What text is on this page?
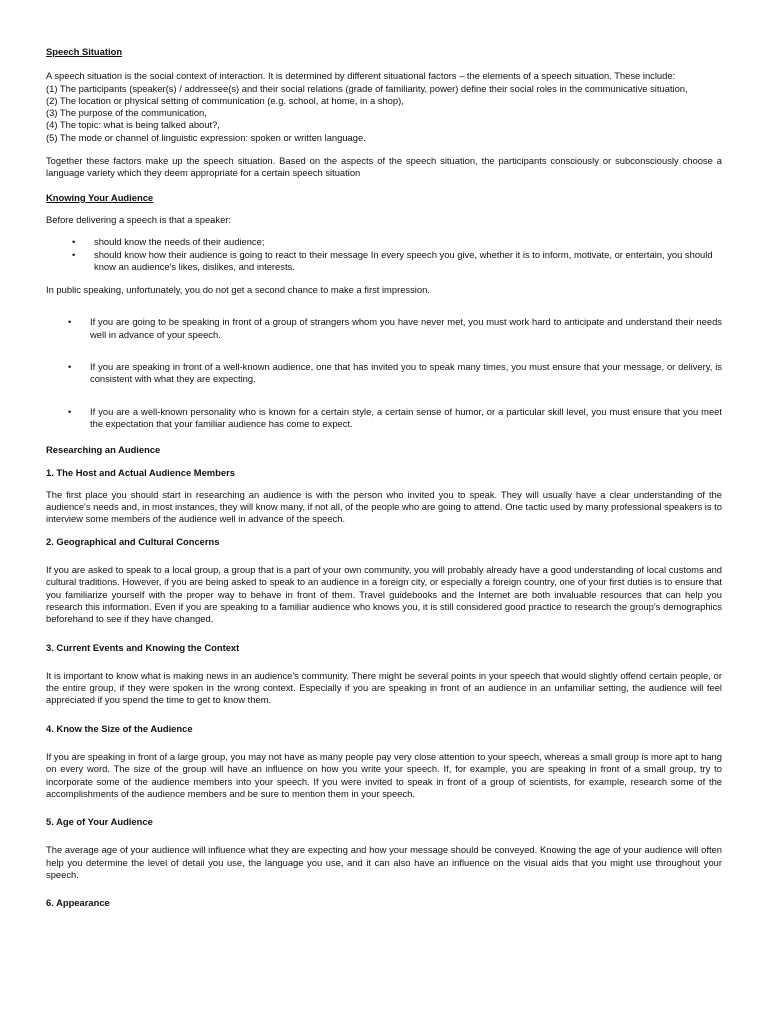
Speech Situation

A speech situation is the social context of interaction. It is determined by different situational factors – the elements of a speech situation. These include:

(1) The participants (speaker(s) / addressee(s) and their social relations (grade of familiarity, power) define their social roles in the communicative situation,

(2) The location or physical setting of communication (e.g. school, at home, in a shop),

(3) The purpose of the communication,

(4) The topic: what is being talked about?,

(5) The mode or channel of linguistic expression: spoken or written language.

Together these factors make up the speech situation. Based on the aspects of the speech situation, the participants consciously or subconsciously choose a language variety which they deem appropriate for a certain speech situation

Knowing Your Audience

Before delivering a speech is that a speaker:

• should know the needs of their audience;
• should know how their audience is going to react to their message In every speech you give, whether it is to inform, motivate, or entertain, you should know an audience's likes, dislikes, and interests.

In public speaking, unfortunately, you do not get a second chance to make a first impression.

• If you are going to be speaking in front of a group of strangers whom you have never met, you must work hard to anticipate and understand their needs well in advance of your speech.
• If you are speaking in front of a well-known audience, one that has invited you to speak many times, you must ensure that your message, or delivery, is consistent with what they are expecting.
• If you are a well-known personality who is known for a certain style, a certain sense of humor, or a particular skill level, you must ensure that you meet the expectation that your familiar audience has come to expect.
Researching an Audience
1. The Host and Actual Audience Members

The first place you should start in researching an audience is with the person who invited you to speak. They will usually have a clear understanding of the audience's needs and, in most instances, they will know many, if not all, of the people who are going to attend. One tactic used by many professional speakers is to interview some members of the audience well in advance of the speech.

2. Geographical and Cultural Concerns

If you are asked to speak to a local group, a group that is a part of your own community, you will probably already have a good understanding of local customs and cultural traditions. However, if you are being asked to speak to an audience in a foreign city, or especially a foreign country, one of your first duties is to ensure that you familiarize yourself with the proper way to behave in front of them. Travel guidebooks and the Internet are both invaluable resources that can help you research this information. Even if you are speaking to a familiar audience who knows you, it is still considered good practice to research the group's demographics beforehand to see if they have changed.

3. Current Events and Knowing the Context

It is important to know what is making news in an audience's community. There might be several points in your speech that would slightly offend certain people, or the entire group, if they were spoken in the wrong context. Especially if you are speaking in front of an audience in an unfamiliar setting, the audience will feel appreciated if you spend the time to get to know them.

4. Know the Size of the Audience

If you are speaking in front of a large group, you may not have as many people pay very close attention to your speech, whereas a small group is more apt to hang on every word. The size of the group will have an influence on how you write your speech. If, for example, you are speaking in front of a small group, try to incorporate some of the audience members into your speech. If you were invited to speak in front of a group of scientists, for example, research some of the accomplishments of the audience members and be sure to mention them in your speech.

5. Age of Your Audience

The average age of your audience will influence what they are expecting and how your message should be conveyed. Knowing the age of your audience will often help you determine the level of detail you use, the language you use, and it can also have an influence on the visual aids that you might use throughout your speech.

6. Appearance
